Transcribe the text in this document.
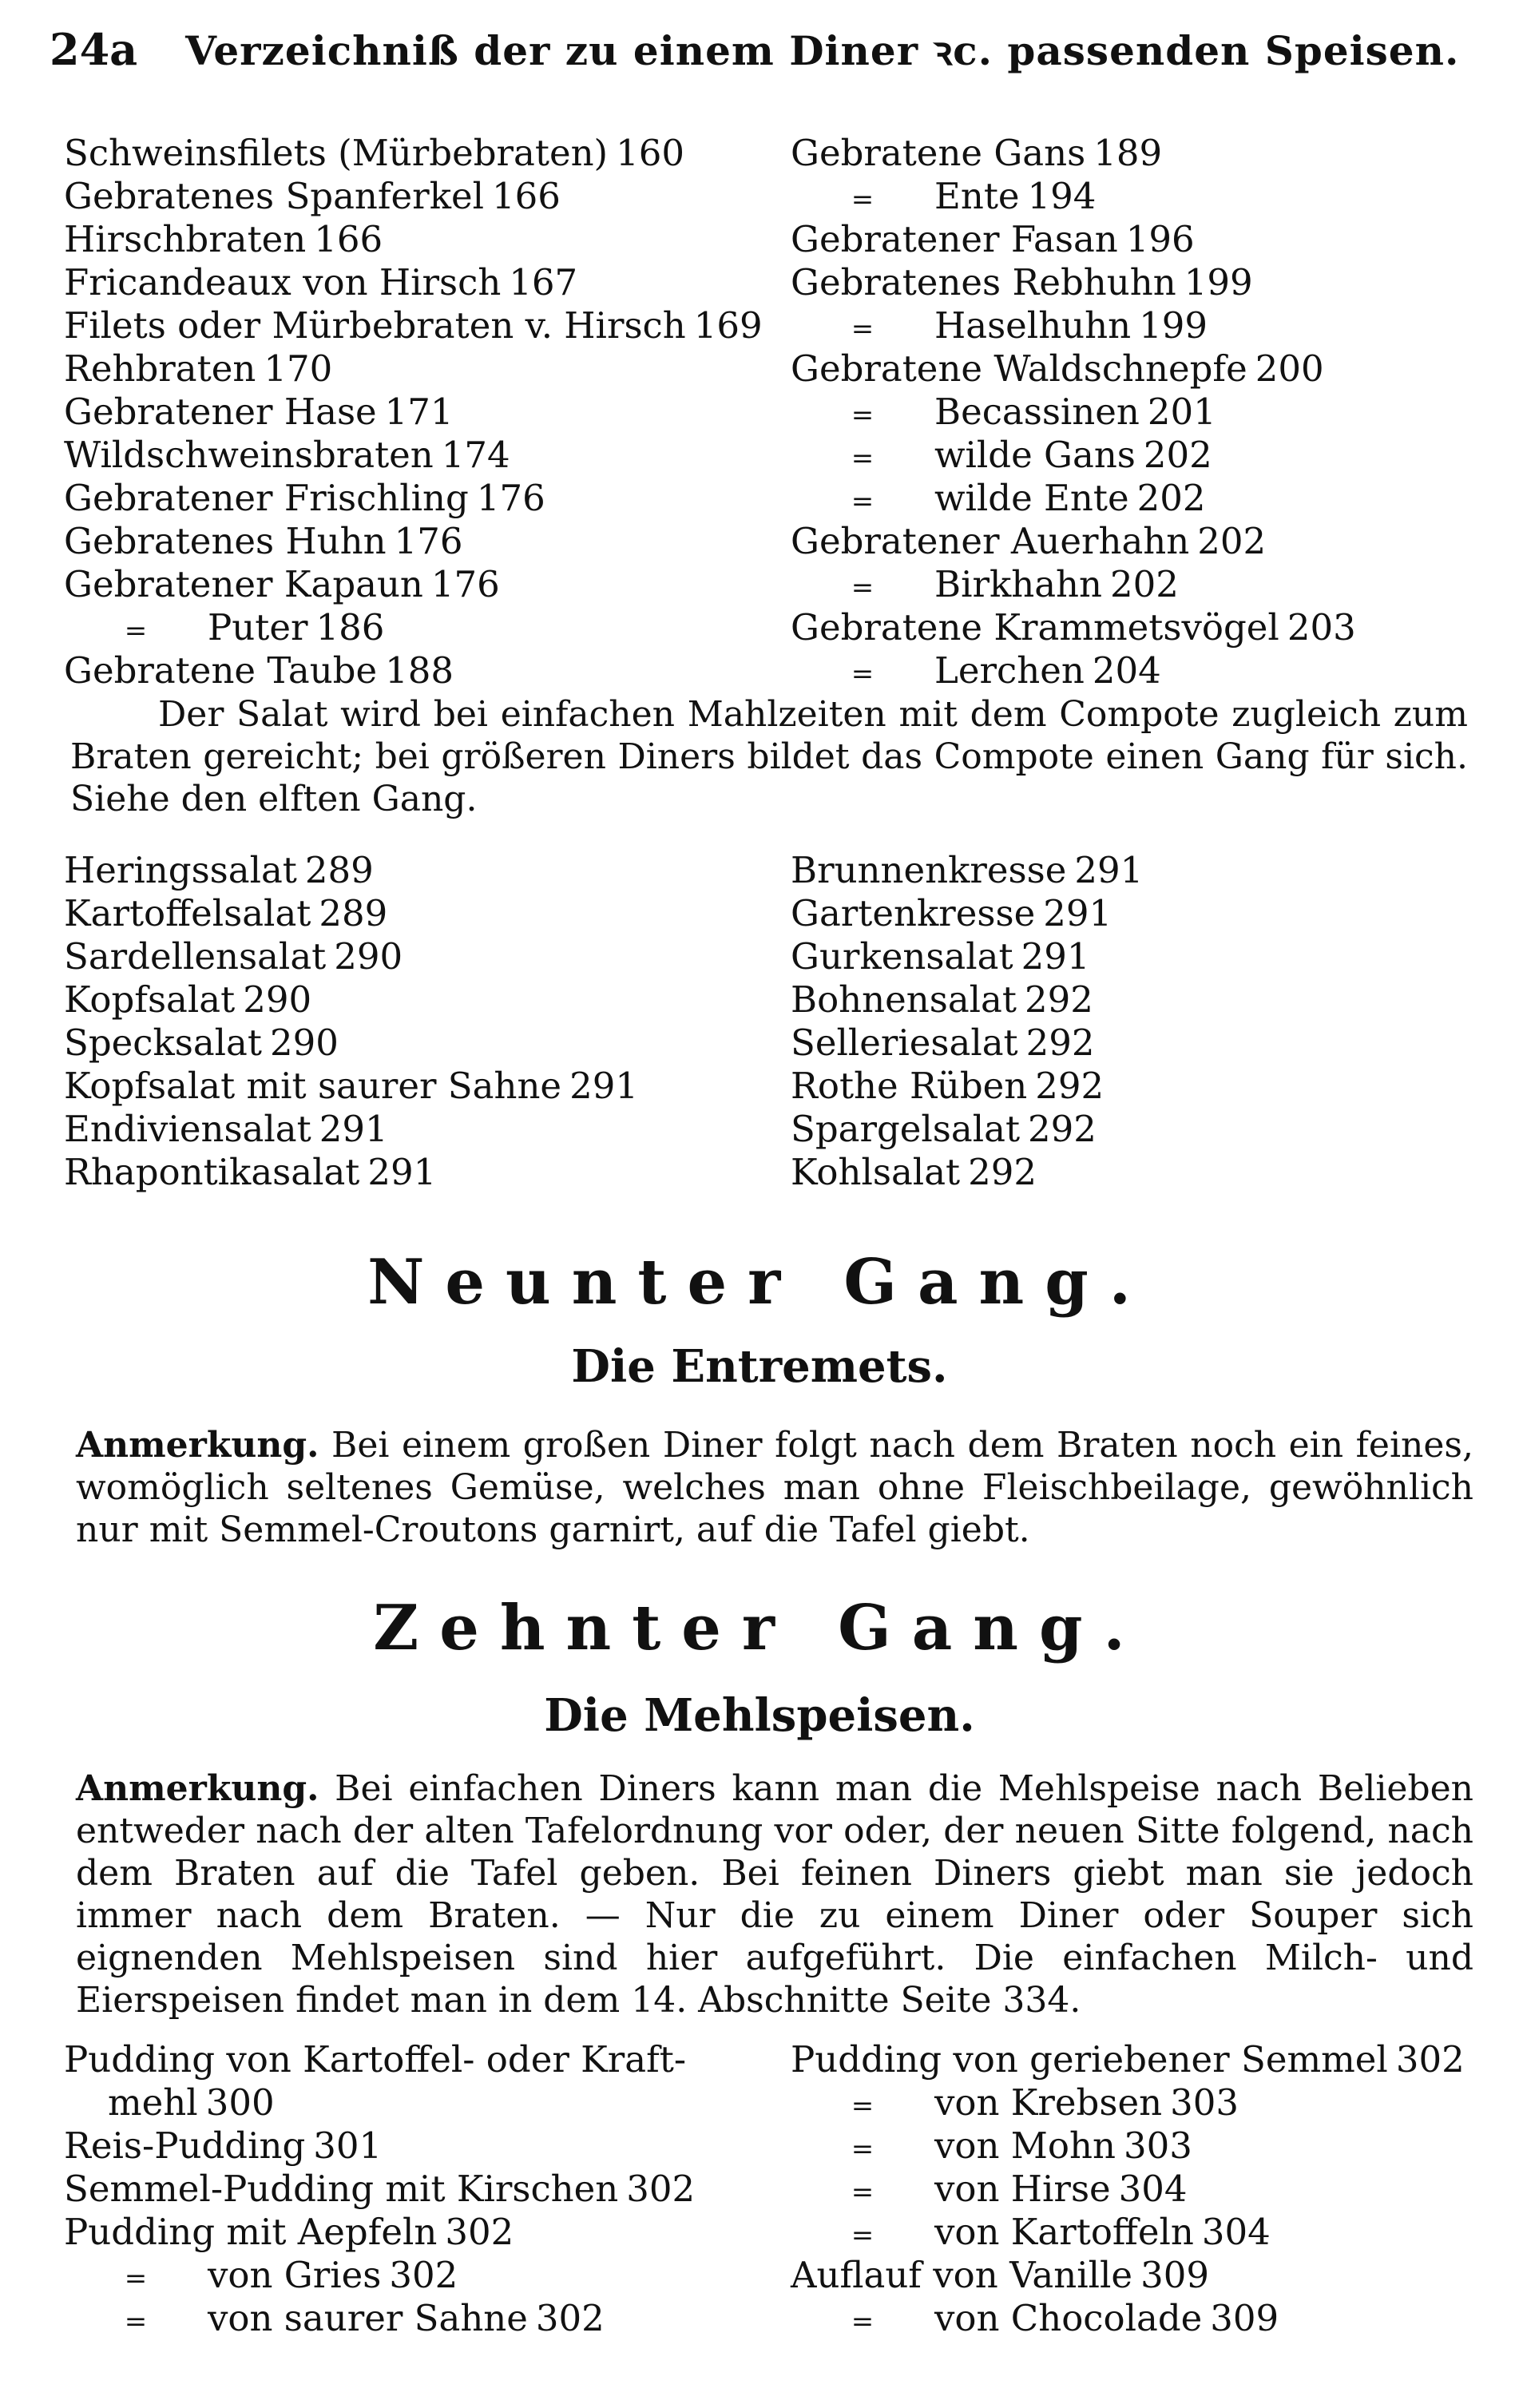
24a Verzeichniß der zu einem Diner ꝛc. passenden Speisen.
Schweinsfilets (Mürbebraten) 160
Gebratenes Spanferkel 166
Hirschbraten 166
Fricandeaux von Hirsch 167
Filets oder Mürbebraten v. Hirsch 169
Rehbraten 170
Gebratener Hase 171
Wildschweinsbraten 174
Gebratener Frischling 176
Gebratenes Huhn 176
Gebratener Kapaun 176
= Puter 186
Gebratene Taube 188
Gebratene Gans 189
= Ente 194
Gebratener Fasan 196
Gebratenes Rebhuhn 199
= Haselhuhn 199
Gebratene Waldschnepfe 200
= Becassinen 201
= wilde Gans 202
= wilde Ente 202
Gebratener Auerhahn 202
= Birkhahn 202
Gebratene Krammetsvögel 203
= Lerchen 204

Der Salat wird bei einfachen Mahlzeiten mit dem Compote zugleich zum Braten gereicht; bei größeren Diners bildet das Compote einen Gang für sich. Siehe den elften Gang.

Heringssalat 289
Kartoffelsalat 289
Sardellensalat 290
Kopfsalat 290
Specksalat 290
Kopfsalat mit saurer Sahne 291
Endiviensalat 291
Rhapontikasalat 291
Brunnenkresse 291
Gartenkresse 291
Gurkensalat 291
Bohnensalat 292
Selleriesalat 292
Rothe Rüben 292
Spargelsalat 292
Kohlsalat 292
Neunter Gang.
Die Entremets.

Anmerkung. Bei einem großen Diner folgt nach dem Braten noch ein feines, womöglich seltenes Gemüse, welches man ohne Fleischbeilage, gewöhnlich nur mit Semmel-Croutons garnirt, auf die Tafel giebt.

Zehnter Gang.
Die Mehlspeisen.

Anmerkung. Bei einfachen Diners kann man die Mehlspeise nach Belieben entweder nach der alten Tafelordnung vor oder, der neuen Sitte folgend, nach dem Braten auf die Tafel geben. Bei feinen Diners giebt man sie jedoch immer nach dem Braten. — Nur die zu einem Diner oder Souper sich eignenden Mehlspeisen sind hier aufgeführt. Die einfachen Milch- und Eierspeisen findet man in dem 14. Abschnitte Seite 334.

Pudding von Kartoffel- oder Kraft-
mehl 300
Reis-Pudding 301
Semmel-Pudding mit Kirschen 302
Pudding mit Aepfeln 302
= von Gries 302
= von saurer Sahne 302
Pudding von geriebener Semmel 302
= von Krebsen 303
= von Mohn 303
= von Hirse 304
= von Kartoffeln 304
Auflauf von Vanille 309
= von Chocolade 309
